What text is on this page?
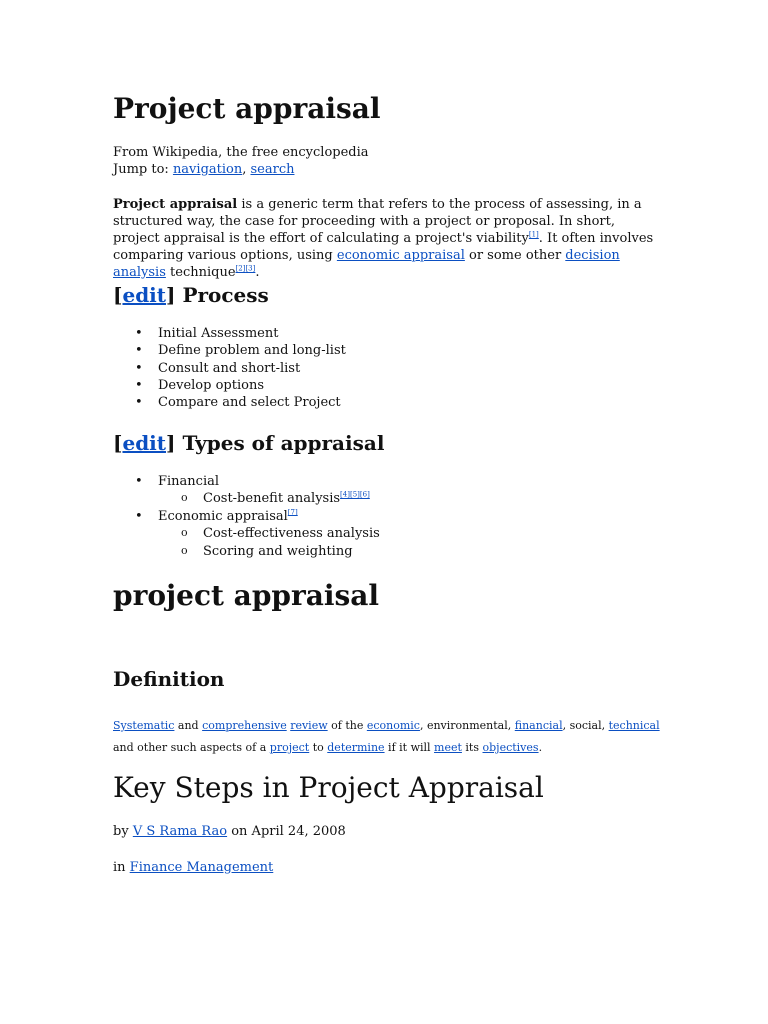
Project appraisal
From Wikipedia, the free encyclopedia
Jump to: navigation, search

Project appraisal is a generic term that refers to the process of assessing, in a structured way, the case for proceeding with a project or proposal. In short, project appraisal is the effort of calculating a project's viability[1]. It often involves comparing various options, using economic appraisal or some other decision analysis technique[2][3].

[edit] Process
• Initial Assessment
• Define problem and long-list
• Consult and short-list
• Develop options
• Compare and select Project
[edit] Types of appraisal
• Financial
o Cost-benefit analysis[4][5][6]
• Economic appraisal[7]
o Cost-effectiveness analysis
o Scoring and weighting
project appraisal
Definition

Systematic and comprehensive review of the economic, environmental, financial, social, technical and other such aspects of a project to determine if it will meet its objectives.

Key Steps in Project Appraisal
by V S Rama Rao on April 24, 2008
in Finance Management
